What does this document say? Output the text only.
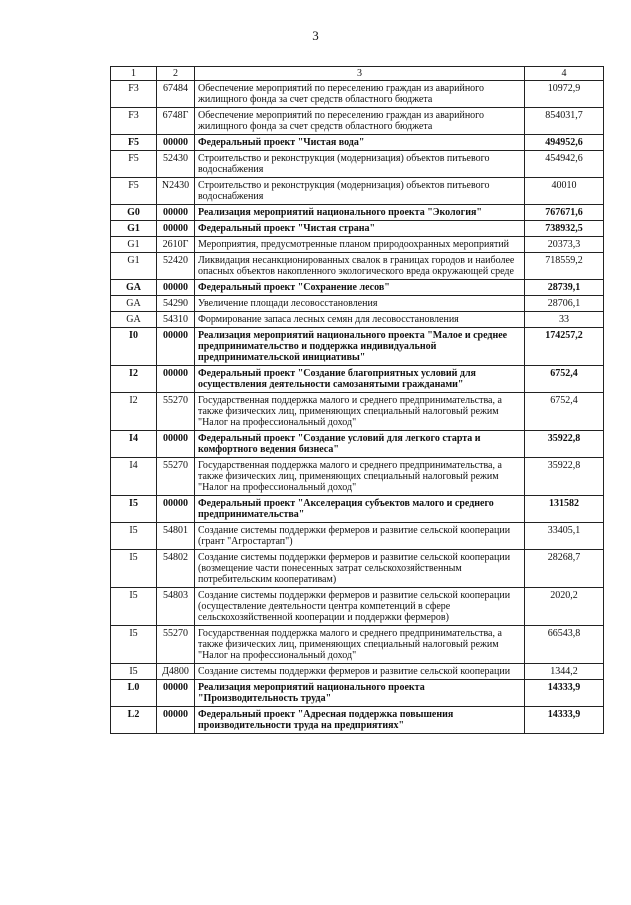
3
1	2	3	4
F3	67484	Обеспечение мероприятий по переселению граждан из аварийного жилищного фонда за счет средств областного бюджета	10972,9
F3	6748Г	Обеспечение мероприятий по переселению граждан из аварийного жилищного фонда за счет средств областного бюджета	854031,7
F5	00000	Федеральный проект "Чистая вода"	494952,6
F5	52430	Строительство и реконструкция (модернизация) объектов питьевого водоснабжения	454942,6
F5	N2430	Строительство и реконструкция (модернизация) объектов питьевого водоснабжения	40010
G0	00000	Реализация мероприятий национального проекта "Экология"	767671,6
G1	00000	Федеральный проект "Чистая страна"	738932,5
G1	2610Г	Мероприятия, предусмотренные планом природоохранных мероприятий	20373,3
G1	52420	Ликвидация несанкционированных свалок в границах городов и наиболее опасных объектов накопленного экологического вреда окружающей среде	718559,2
GA	00000	Федеральный проект "Сохранение лесов"	28739,1
GA	54290	Увеличение площади лесовосстановления	28706,1
GA	54310	Формирование запаса лесных семян для лесовосстановления	33
I0	00000	Реализация мероприятий национального проекта "Малое и среднее предпринимательство и поддержка индивидуальной предпринимательской инициативы"	174257,2
I2	00000	Федеральный проект "Создание благоприятных условий для осуществления деятельности самозанятыми гражданами"	6752,4
I2	55270	Государственная поддержка малого и среднего предпринимательства, а также физических лиц, применяющих специальный налоговый режим "Налог на профессиональный доход"	6752,4
I4	00000	Федеральный проект "Создание условий для легкого старта и комфортного ведения бизнеса"	35922,8
I4	55270	Государственная поддержка малого и среднего предпринимательства, а также физических лиц, применяющих специальный налоговый режим "Налог на профессиональный доход"	35922,8
I5	00000	Федеральный проект "Акселерация субъектов малого и среднего предпринимательства"	131582
I5	54801	Создание системы поддержки фермеров и развитие сельской кооперации (грант "Агростартап")	33405,1
I5	54802	Создание системы поддержки фермеров и развитие сельской кооперации (возмещение части понесенных затрат сельскохозяйственным потребительским кооперативам)	28268,7
I5	54803	Создание системы поддержки фермеров и развитие сельской кооперации (осуществление деятельности центра компетенций в сфере сельскохозяйственной кооперации и поддержки фермеров)	2020,2
I5	55270	Государственная поддержка малого и среднего предпринимательства, а также физических лиц, применяющих специальный налоговый режим "Налог на профессиональный доход"	66543,8
I5	Д4800	Создание системы поддержки фермеров и развитие сельской кооперации	1344,2
L0	00000	Реализация мероприятий национального проекта "Производительность труда"	14333,9
L2	00000	Федеральный проект "Адресная поддержка повышения производительности труда на предприятиях"	14333,9
